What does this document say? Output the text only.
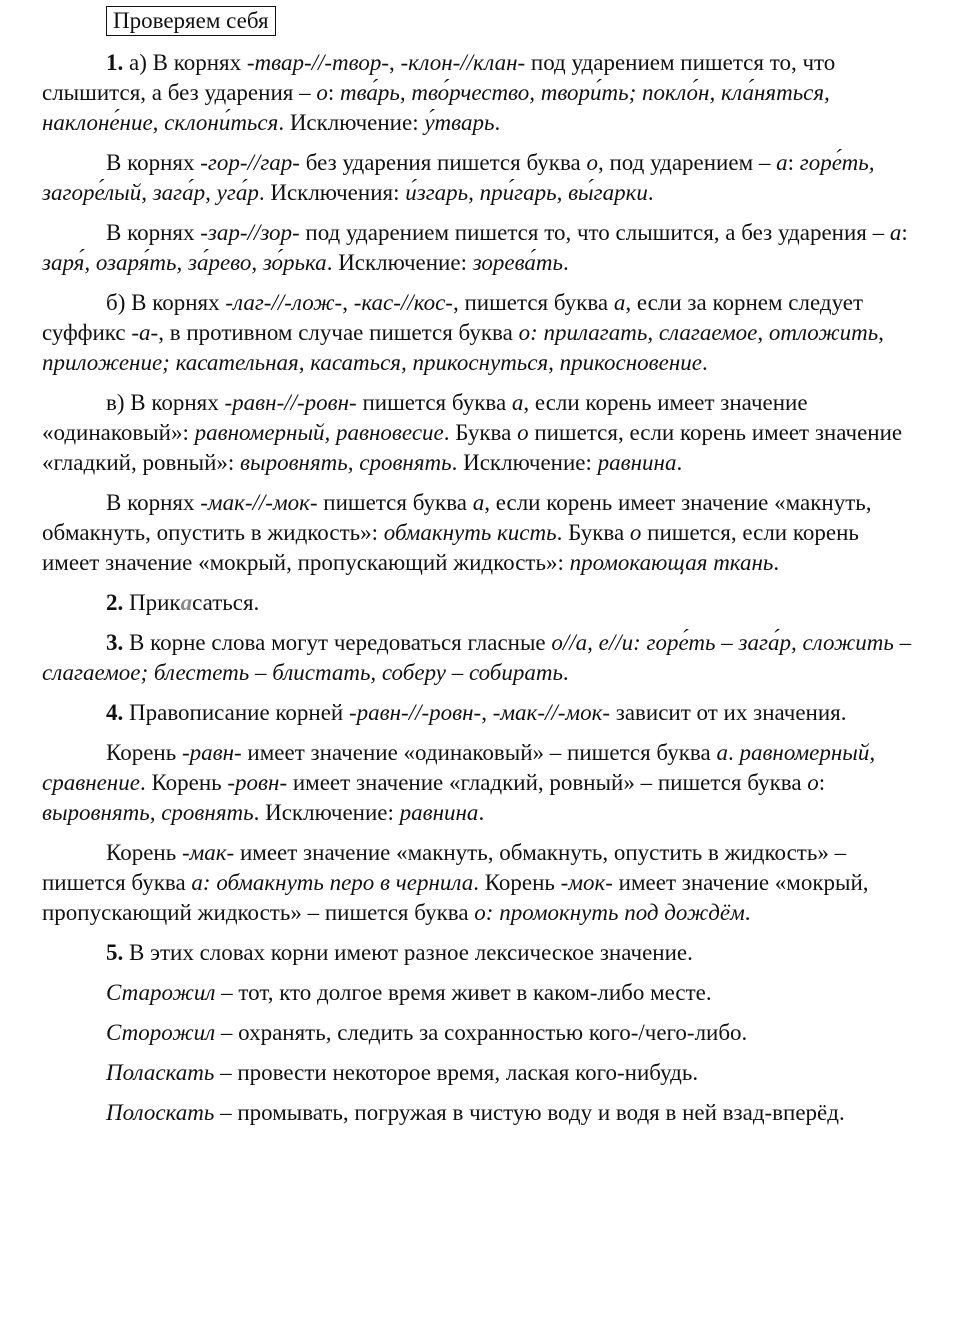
Проверяем себя

1. а) В корнях -твар-//-твор-, -клон-//клан- под ударением пишется то, что слышится, а без ударения – о: тва́рь, тво́рчество, твори́ть; покло́н, кла́няться, наклоне́ние, склони́ться. Исключение: у́тварь.

В корнях -гор-//гар- без ударения пишется буква о, под ударением – а: горе́ть, загоре́лый, зага́р, уга́р. Исключения: и́згарь, при́гарь, вы́гарки.

В корнях -зар-//зор- под ударением пишется то, что слышится, а без ударения – а: заря́, озаря́ть, за́рево, зо́рька. Исключение: зорева́ть.

б) В корнях -лаг-//-лож-, -кас-//кос-, пишется буква а, если за корнем следует суффикс -а-, в противном случае пишется буква о: прилагать, слагаемое, отложить, приложение; касательная, касаться, прикоснуться, прикосновение.

в) В корнях -равн-//-ровн- пишется буква а, если корень имеет значение «одинаковый»: равномерный, равновесие. Буква о пишется, если корень имеет значение «гладкий, ровный»: выровнять, сровнять. Исключение: равнина.

В корнях -мак-//-мок- пишется буква а, если корень имеет значение «макнуть, обмакнуть, опустить в жидкость»: обмакнуть кисть. Буква о пишется, если корень имеет значение «мокрый, пропускающий жидкость»: промокающая ткань.

2. Прикасаться.

3. В корне слова могут чередоваться гласные о//а, е//и: горе́ть – зага́р, сложить – слагаемое; блестеть – блистать, соберу – собирать.

4. Правописание корней -равн-//-ровн-, -мак-//-мок- зависит от их значения.

Корень -равн- имеет значение «одинаковый» – пишется буква а. равномерный, сравнение. Корень -ровн- имеет значение «гладкий, ровный» – пишется буква о: выровнять, сровнять. Исключение: равнина.

Корень -мак- имеет значение «макнуть, обмакнуть, опустить в жидкость» – пишется буква а: обмакнуть перо в чернила. Корень -мок- имеет значение «мокрый, пропускающий жидкость» – пишется буква о: промокнуть под дождём.

5. В этих словах корни имеют разное лексическое значение.

Старожил – тот, кто долгое время живет в каком-либо месте.

Сторожил – охранять, следить за сохранностью кого-/чего-либо.

Поласкать – провести некоторое время, лаская кого-нибудь.

Полоскать – промывать, погружая в чистую воду и водя в ней взад-вперёд.
